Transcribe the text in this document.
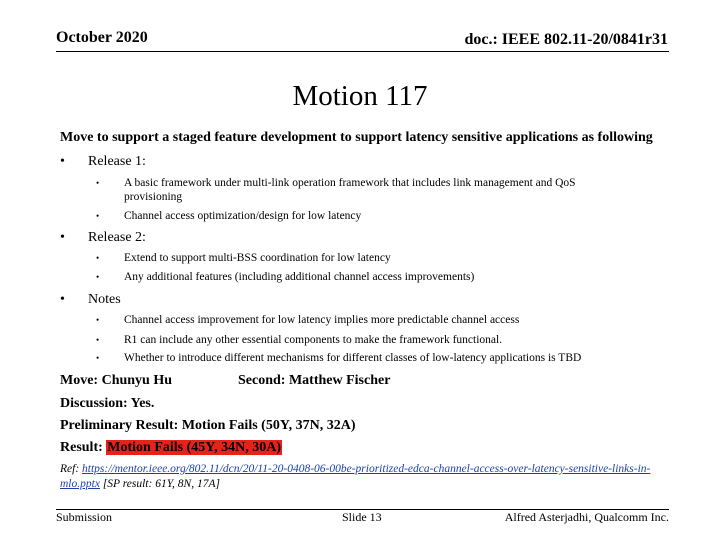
October 2020	doc.: IEEE 802.11-20/0841r31
Motion 117
Move to support a staged feature development to support latency sensitive applications as following
• Release 1:
• A basic framework under multi-link operation framework that includes link management and QoS provisioning
• Channel access optimization/design for low latency
• Release 2:
• Extend to support multi-BSS coordination for low latency
• Any additional features (including additional channel access improvements)
• Notes
• Channel access improvement for low latency implies more predictable channel access
• R1 can include any other essential components to make the framework functional.
• Whether to introduce different mechanisms for different classes of low-latency applications is TBD
Move: Chunyu Hu	Second: Matthew Fischer
Discussion: Yes.
Preliminary Result: Motion Fails (50Y, 37N, 32A)
Result: Motion Fails (45Y, 34N, 30A)
Ref: https://mentor.ieee.org/802.11/dcn/20/11-20-0408-06-00be-prioritized-edca-channel-access-over-latency-sensitive-links-in-mlo.pptx [SP result: 61Y, 8N, 17A]
Submission	Slide 13	Alfred Asterjadhi, Qualcomm Inc.
